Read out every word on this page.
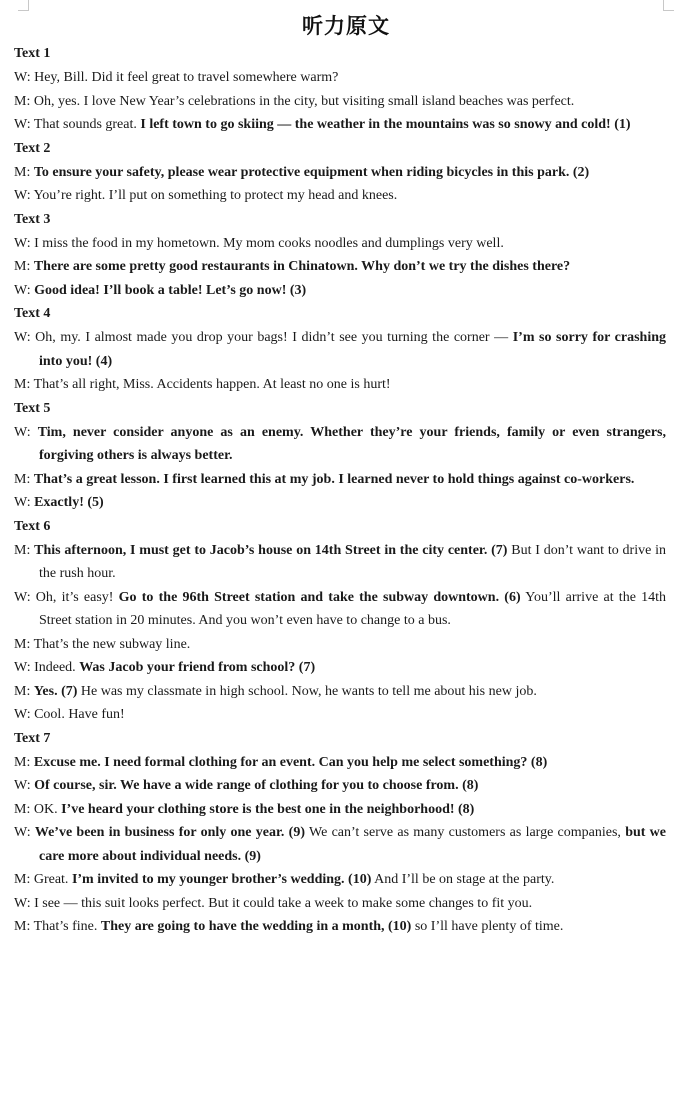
听力原文
Text 1
W: Hey, Bill. Did it feel great to travel somewhere warm?
M: Oh, yes. I love New Year’s celebrations in the city, but visiting small island beaches was perfect.
W: That sounds great. I left town to go skiing — the weather in the mountains was so snowy and cold! (1)
Text 2
M: To ensure your safety, please wear protective equipment when riding bicycles in this park. (2)
W: You’re right. I’ll put on something to protect my head and knees.
Text 3
W: I miss the food in my hometown. My mom cooks noodles and dumplings very well.
M: There are some pretty good restaurants in Chinatown. Why don’t we try the dishes there?
W: Good idea! I’ll book a table! Let’s go now! (3)
Text 4
W: Oh, my. I almost made you drop your bags! I didn’t see you turning the corner — I’m so sorry for crashing into you! (4)
M: That’s all right, Miss. Accidents happen. At least no one is hurt!
Text 5
W: Tim, never consider anyone as an enemy. Whether they’re your friends, family or even strangers, forgiving others is always better.
M: That’s a great lesson. I first learned this at my job. I learned never to hold things against co-workers.
W: Exactly! (5)
Text 6
M: This afternoon, I must get to Jacob’s house on 14th Street in the city center. (7) But I don’t want to drive in the rush hour.
W: Oh, it’s easy! Go to the 96th Street station and take the subway downtown. (6) You’ll arrive at the 14th Street station in 20 minutes. And you won’t even have to change to a bus.
M: That’s the new subway line.
W: Indeed. Was Jacob your friend from school? (7)
M: Yes. (7) He was my classmate in high school. Now, he wants to tell me about his new job.
W: Cool. Have fun!
Text 7
M: Excuse me. I need formal clothing for an event. Can you help me select something? (8)
W: Of course, sir. We have a wide range of clothing for you to choose from. (8)
M: OK. I’ve heard your clothing store is the best one in the neighborhood! (8)
W: We’ve been in business for only one year. (9) We can’t serve as many customers as large companies, but we care more about individual needs. (9)
M: Great. I’m invited to my younger brother’s wedding. (10) And I’ll be on stage at the party.
W: I see — this suit looks perfect. But it could take a week to make some changes to fit you.
M: That’s fine. They are going to have the wedding in a month, (10) so I’ll have plenty of time.
